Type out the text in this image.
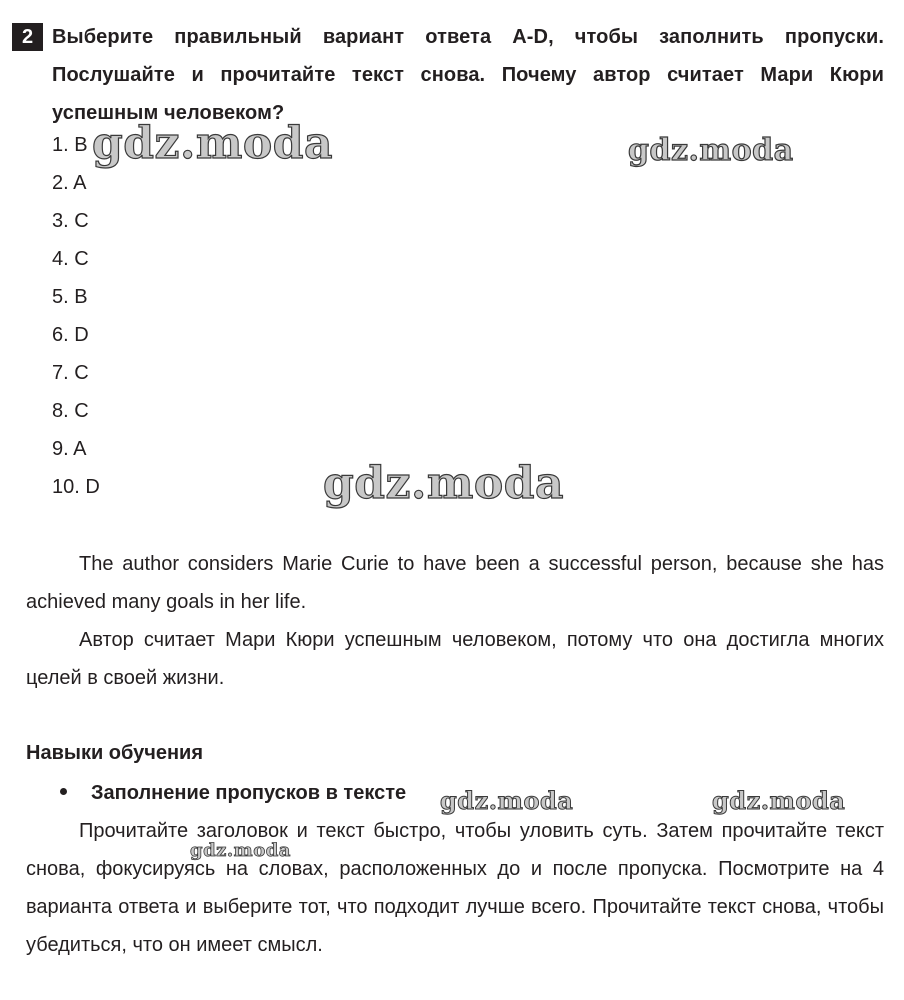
2 Выберите правильный вариант ответа A-D, чтобы заполнить пропуски. Послушайте и прочитайте текст снова. Почему автор считает Мари Кюри успешным человеком?
1. B
2. A
3. C
4. C
5. B
6. D
7. C
8. C
9. A
10. D

The author considers Marie Curie to have been a successful person, because she has achieved many goals in her life.

Автор считает Мари Кюри успешным человеком, потому что она достигла многих целей в своей жизни.

Навыки обучения
Заполнение пропусков в тексте

Прочитайте заголовок и текст быстро, чтобы уловить суть. Затем прочитайте текст снова, фокусируясь на словах, расположенных до и после пропуска. Посмотрите на 4 варианта ответа и выберите тот, что подходит лучше всего. Прочитайте текст снова, чтобы убедиться, что он имеет смысл.

gdz.moda	gdz.moda
gdz.moda
gdz.moda	gdz.moda
gdz.moda
